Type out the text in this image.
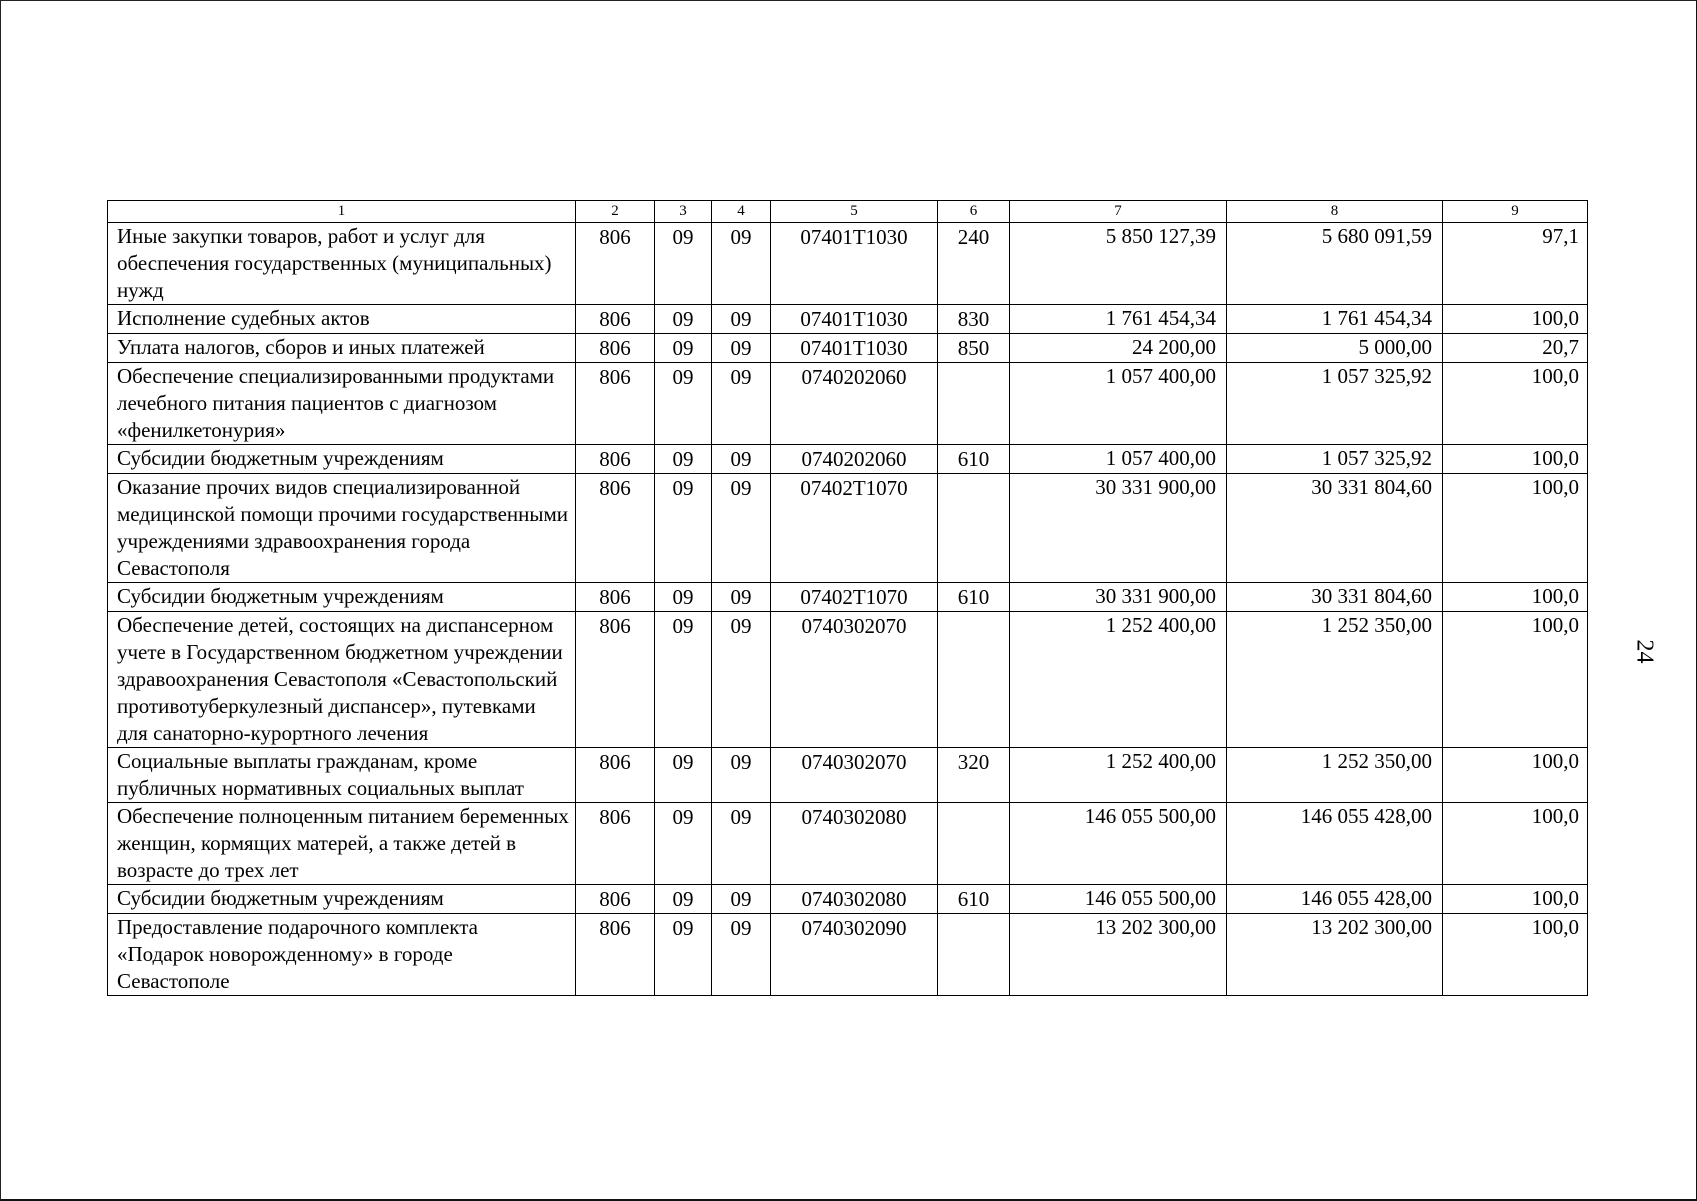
1	2	3	4	5	6	7	8	9
Иные закупки товаров, работ и услуг для обеспечения государственных (муниципальных) нужд	806	09	09	07401Т1030	240	5 850 127,39	5 680 091,59	97,1
Исполнение судебных актов	806	09	09	07401Т1030	830	1 761 454,34	1 761 454,34	100,0
Уплата налогов, сборов и иных платежей	806	09	09	07401Т1030	850	24 200,00	5 000,00	20,7
Обеспечение специализированными продуктами лечебного питания пациентов с диагнозом «фенилкетонурия»	806	09	09	0740202060		1 057 400,00	1 057 325,92	100,0
Субсидии бюджетным учреждениям	806	09	09	0740202060	610	1 057 400,00	1 057 325,92	100,0
Оказание прочих видов специализированной медицинской помощи прочими государственными учреждениями здравоохранения города Севастополя	806	09	09	07402Т1070		30 331 900,00	30 331 804,60	100,0
Субсидии бюджетным учреждениям	806	09	09	07402Т1070	610	30 331 900,00	30 331 804,60	100,0
Обеспечение детей, состоящих на диспансерном учете в Государственном бюджетном учреждении здравоохранения Севастополя «Севастопольский противотуберкулезный диспансер», путевками для санаторно-курортного лечения	806	09	09	0740302070		1 252 400,00	1 252 350,00	100,0
Социальные выплаты гражданам, кроме публичных нормативных социальных выплат	806	09	09	0740302070	320	1 252 400,00	1 252 350,00	100,0
Обеспечение полноценным питанием беременных женщин, кормящих матерей, а также детей в возрасте до трех лет	806	09	09	0740302080		146 055 500,00	146 055 428,00	100,0
Субсидии бюджетным учреждениям	806	09	09	0740302080	610	146 055 500,00	146 055 428,00	100,0
Предоставление подарочного комплекта «Подарок новорожденному» в городе Севастополе	806	09	09	0740302090		13 202 300,00	13 202 300,00	100,0
24
